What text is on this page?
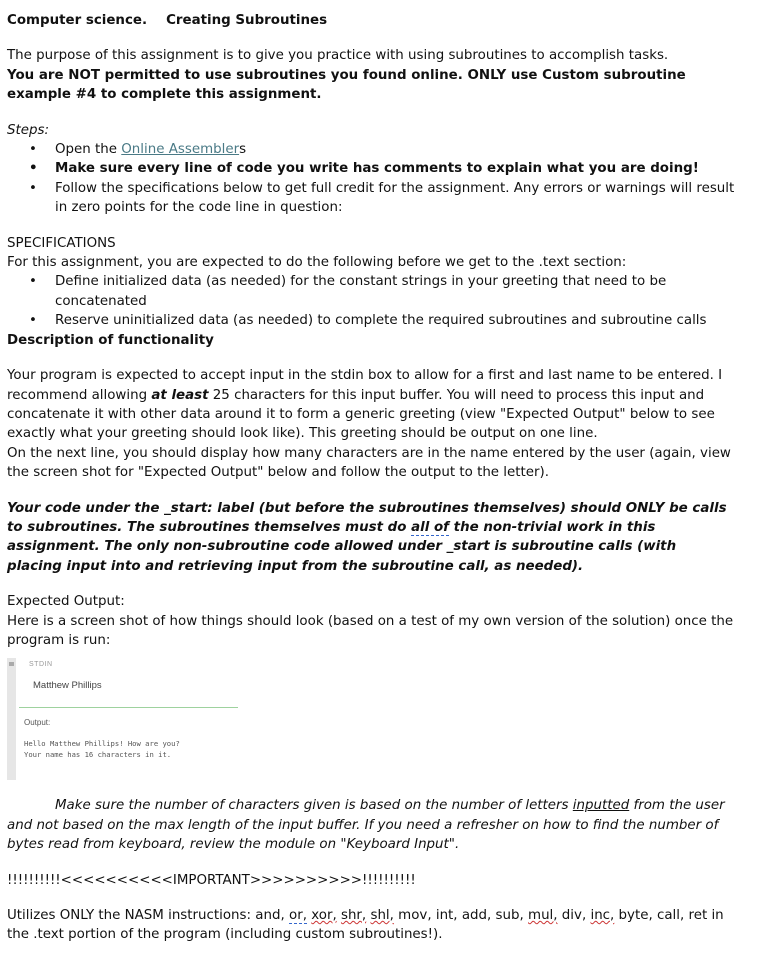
Computer science. Creating Subroutines

The purpose of this assignment is to give you practice with using subroutines to accomplish tasks.

You are NOT permitted to use subroutines you found online. ONLY use Custom subroutine example #4 to complete this assignment.

Steps:

• Open the Online Assemblers
• Make sure every line of code you write has comments to explain what you are doing!
• Follow the specifications below to get full credit for the assignment. Any errors or warnings will result in zero points for the code line in question:

SPECIFICATIONS

For this assignment, you are expected to do the following before we get to the .text section:

• Define initialized data (as needed) for the constant strings in your greeting that need to be concatenated
• Reserve uninitialized data (as needed) to complete the required subroutines and subroutine calls

Description of functionality

Your program is expected to accept input in the stdin box to allow for a first and last name to be entered. I recommend allowing at least 25 characters for this input buffer. You will need to process this input and concatenate it with other data around it to form a generic greeting (view "Expected Output" below to see exactly what your greeting should look like). This greeting should be output on one line.

On the next line, you should display how many characters are in the name entered by the user (again, view the screen shot for "Expected Output" below and follow the output to the letter).

Your code under the _start: label (but before the subroutines themselves) should ONLY be calls to subroutines. The subroutines themselves must do all of the non-trivial work in this assignment. The only non-subroutine code allowed under _start is subroutine calls (with placing input into and retrieving input from the subroutine call, as needed).

Expected Output:

Here is a screen shot of how things should look (based on a test of my own version of the solution) once the program is run:

STDIN
Matthew Phillips
Output:
Hello Matthew Phillips! How are you?
Your name has 16 characters in it.

Make sure the number of characters given is based on the number of letters inputted from the user and not based on the max length of the input buffer. If you need a refresher on how to find the number of bytes read from keyboard, review the module on "Keyboard Input".

!!!!!!!!!!<<<<<<<<<<IMPORTANT>>>>>>>>>>!!!!!!!!!!

Utilizes ONLY the NASM instructions: and, or, xor, shr, shl, mov, int, add, sub, mul, div, inc, byte, call, ret in the .text portion of the program (including custom subroutines!).
